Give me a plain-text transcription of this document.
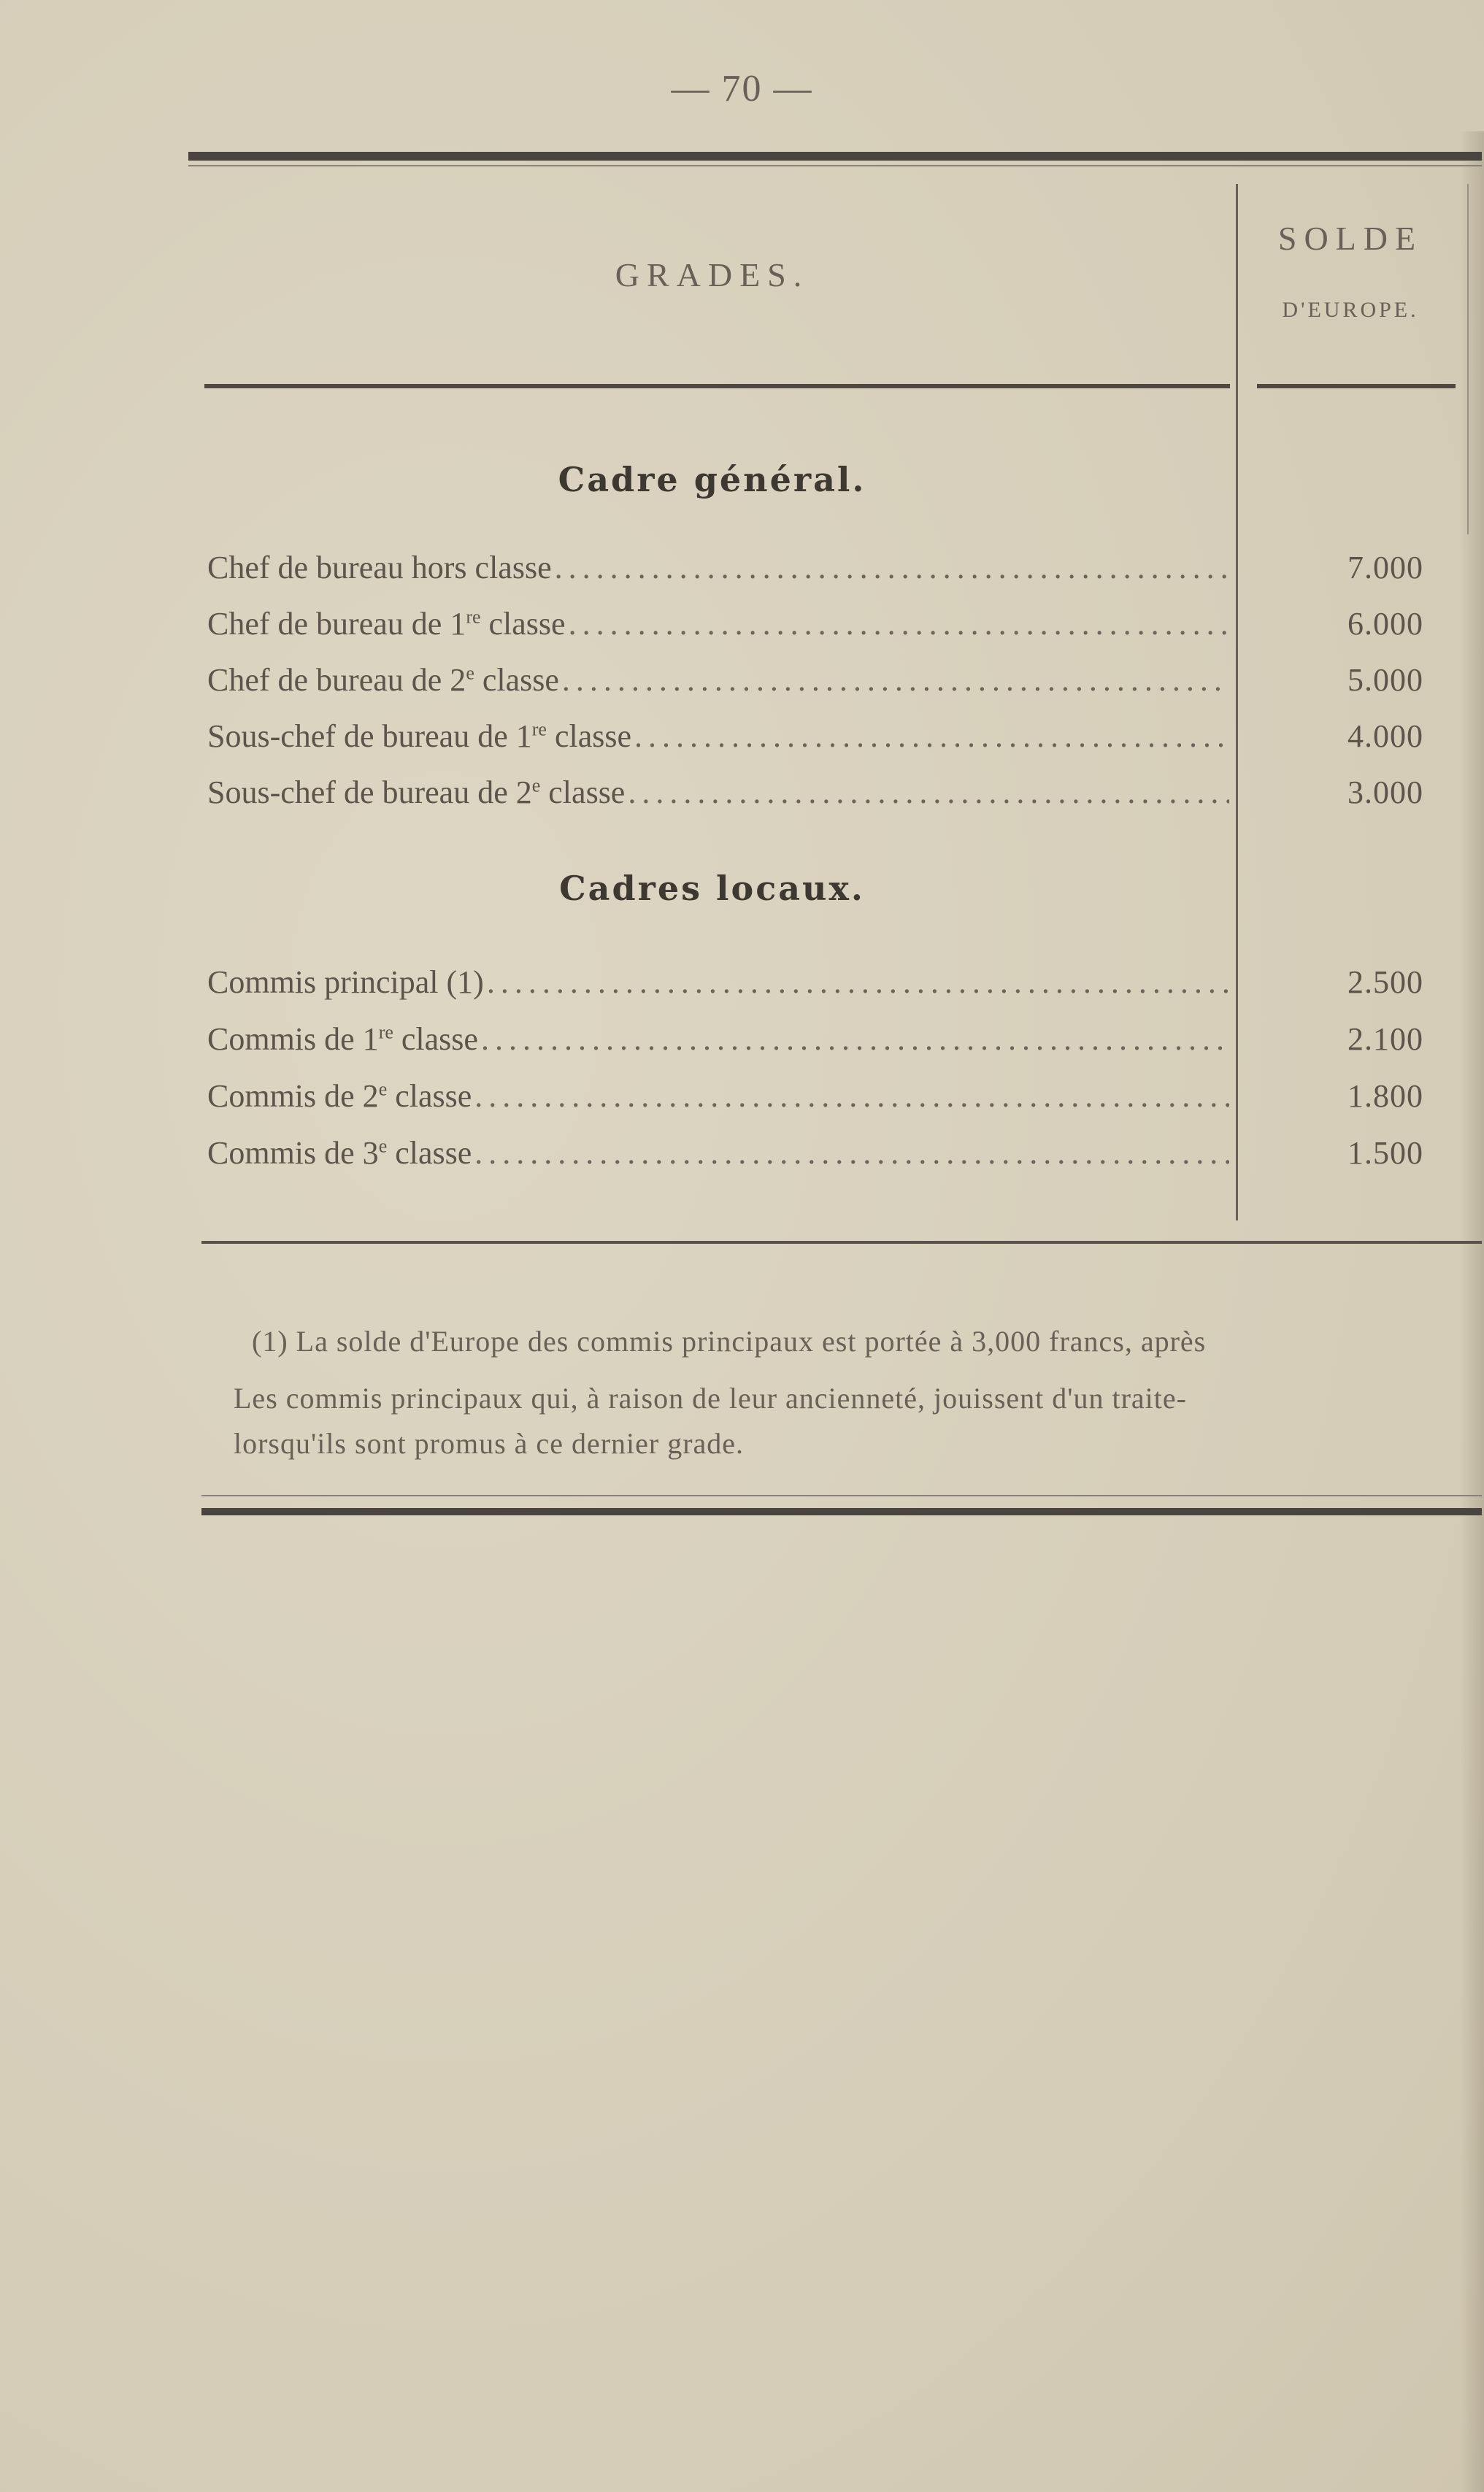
— 70 —
GRADES.
SOLDE
D'EUROPE.
Cadre général.
Chef de bureau hors classe .....	7.000
Chef de bureau de 1re classe .....	6.000
Chef de bureau de 2e classe .....	5.000
Sous-chef de bureau de 1re classe .....	4.000
Sous-chef de bureau de 2e classe .....	3.000
Cadres locaux.
Commis principal (1) .....	2.500
Commis de 1re classe .....	2.100
Commis de 2e classe .....	1.800
Commis de 3e classe .....	1.500
(1) La solde d'Europe des commis principaux est portée à 3,000 francs, après
Les commis principaux qui, à raison de leur ancienneté, jouissent d'un traite-
lorsqu'ils sont promus à ce dernier grade.
